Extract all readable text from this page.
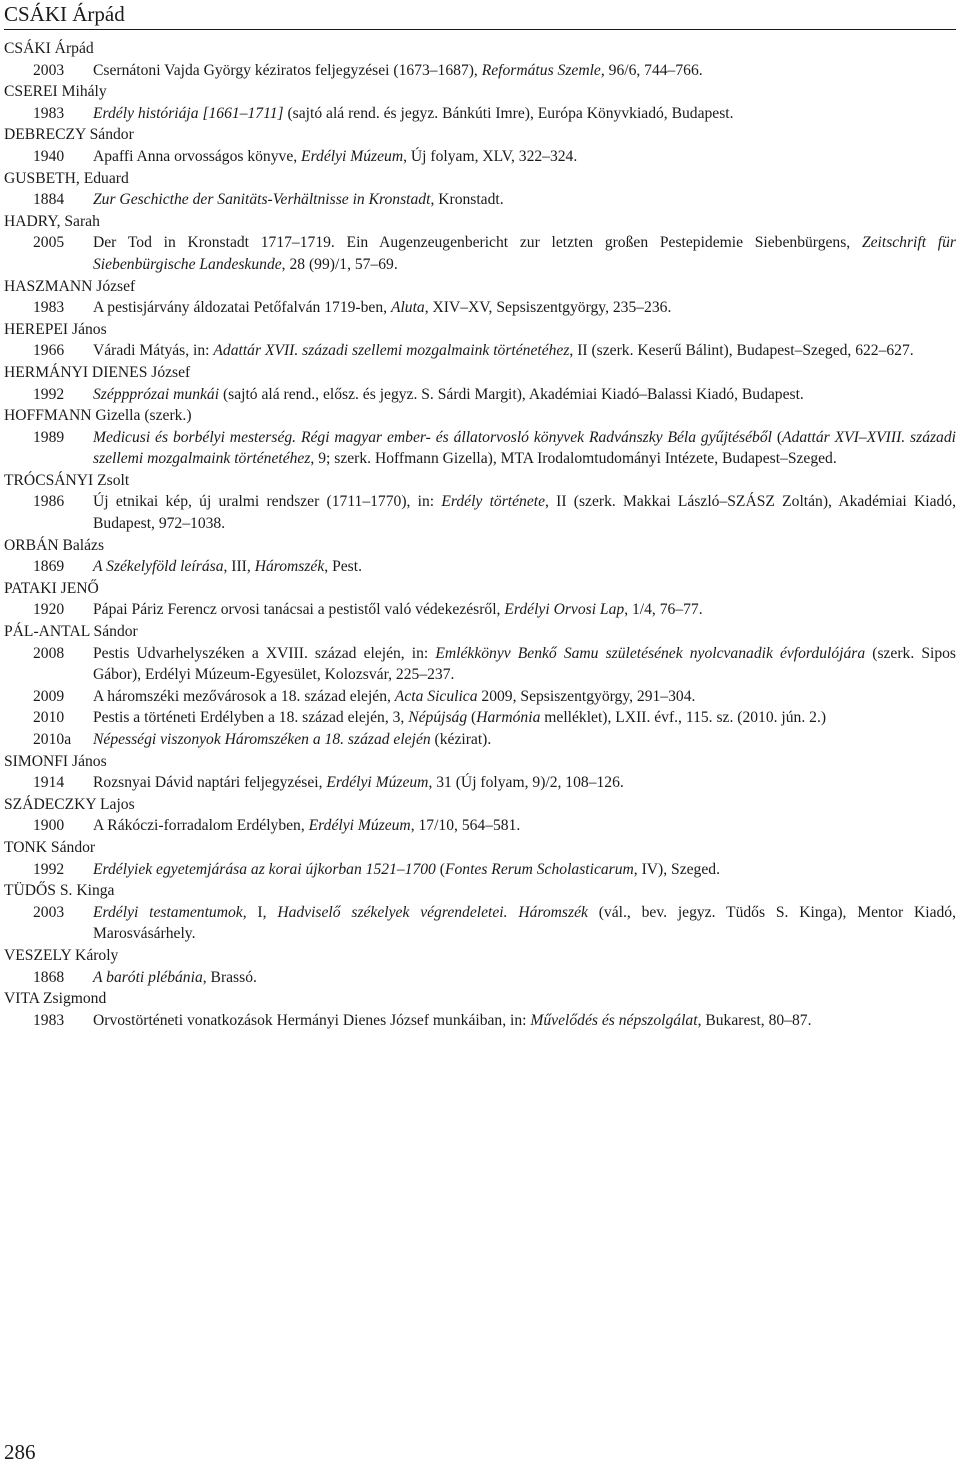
CSÁKI Árpád
CSÁKI Árpád
2003	Csernátoni Vajda György kéziratos feljegyzései (1673–1687), Református Szemle, 96/6, 744–766.
CSEREI Mihály
1983	Erdély históriája [1661–1711] (sajtó alá rend. és jegyz. Bánkúti Imre), Európa Könyvkiadó, Budapest.
DEBRECZY Sándor
1940	Apaffi Anna orvosságos könyve, Erdélyi Múzeum, Új folyam, XLV, 322–324.
GUSBETH, Eduard
1884	Zur Geschicthe der Sanitäts-Verhältnisse in Kronstadt, Kronstadt.
HADRY, Sarah
2005	Der Tod in Kronstadt 1717–1719. Ein Augenzeugenbericht zur letzten großen Pestepidemie Siebenbürgens, Zeitschrift für Siebenbürgische Landeskunde, 28 (99)/1, 57–69.
HASZMANN József
1983	A pestisjárvány áldozatai Petőfalván 1719-ben, Aluta, XIV–XV, Sepsiszentgyörgy, 235–236.
HEREPEI János
1966	Váradi Mátyás, in: Adattár XVII. századi szellemi mozgalmaink történetéhez, II (szerk. Keserű Bálint), Budapest–Szeged, 622–627.
HERMÁNYI DIENES József
1992	Széppprózai munkái (sajtó alá rend., elősz. és jegyz. S. Sárdi Margit), Akadémiai Kiadó–Balassi Kiadó, Budapest.
HOFFMANN Gizella (szerk.)
1989	Medicusi és borbélyi mesterség. Régi magyar ember- és állatorvosló könyvek Radvánszky Béla gyűjtéséből (Adattár XVI–XVIII. századi szellemi mozgalmaink történetéhez, 9; szerk. Hoffmann Gizella), MTA Irodalomtudományi Intézete, Budapest–Szeged.
TRÓCSÁNYI Zsolt
1986	Új etnikai kép, új uralmi rendszer (1711–1770), in: Erdély története, II (szerk. Makkai László–SZÁSZ Zoltán), Akadémiai Kiadó, Budapest, 972–1038.
ORBÁN Balázs
1869	A Székelyföld leírása, III, Háromszék, Pest.
PATAKI JENŐ
1920	Pápai Páriz Ferencz orvosi tanácsai a pestistől való védekezésről, Erdélyi Orvosi Lap, 1/4, 76–77.
PÁL-ANTAL Sándor
2008	Pestis Udvarhelyszéken a XVIII. század elején, in: Emlékkönyv Benkő Samu születésének nyolcvanadik évfordulójára (szerk. Sipos Gábor), Erdélyi Múzeum-Egyesület, Kolozsvár, 225–237.
2009	A háromszéki mezővárosok a 18. század elején, Acta Siculica 2009, Sepsiszentgyörgy, 291–304.
2010	Pestis a történeti Erdélyben a 18. század elején, 3, Népújság (Harmónia melléklet), LXII. évf., 115. sz. (2010. jún. 2.)
2010a	Népességi viszonyok Háromszéken a 18. század elején (kézirat).
SIMONFI János
1914	Rozsnyai Dávid naptári feljegyzései, Erdélyi Múzeum, 31 (Új folyam, 9)/2, 108–126.
SZÁDECZKY Lajos
1900	A Rákóczi-forradalom Erdélyben, Erdélyi Múzeum, 17/10, 564–581.
TONK Sándor
1992	Erdélyiek egyetemjárása az korai újkorban 1521–1700 (Fontes Rerum Scholasticarum, IV), Szeged.
TÜDŐS S. Kinga
2003	Erdélyi testamentumok, I, Hadviselő székelyek végrendeletei. Háromszék (vál., bev. jegyz. Tüdős S. Kinga), Mentor Kiadó, Marosvásárhely.
VESZELY Károly
1868	A baróti plébánia, Brassó.
VITA Zsigmond
1983	Orvostörténeti vonatkozások Hermányi Dienes József munkáiban, in: Művelődés és népszolgálat, Bukarest, 80–87.
286
